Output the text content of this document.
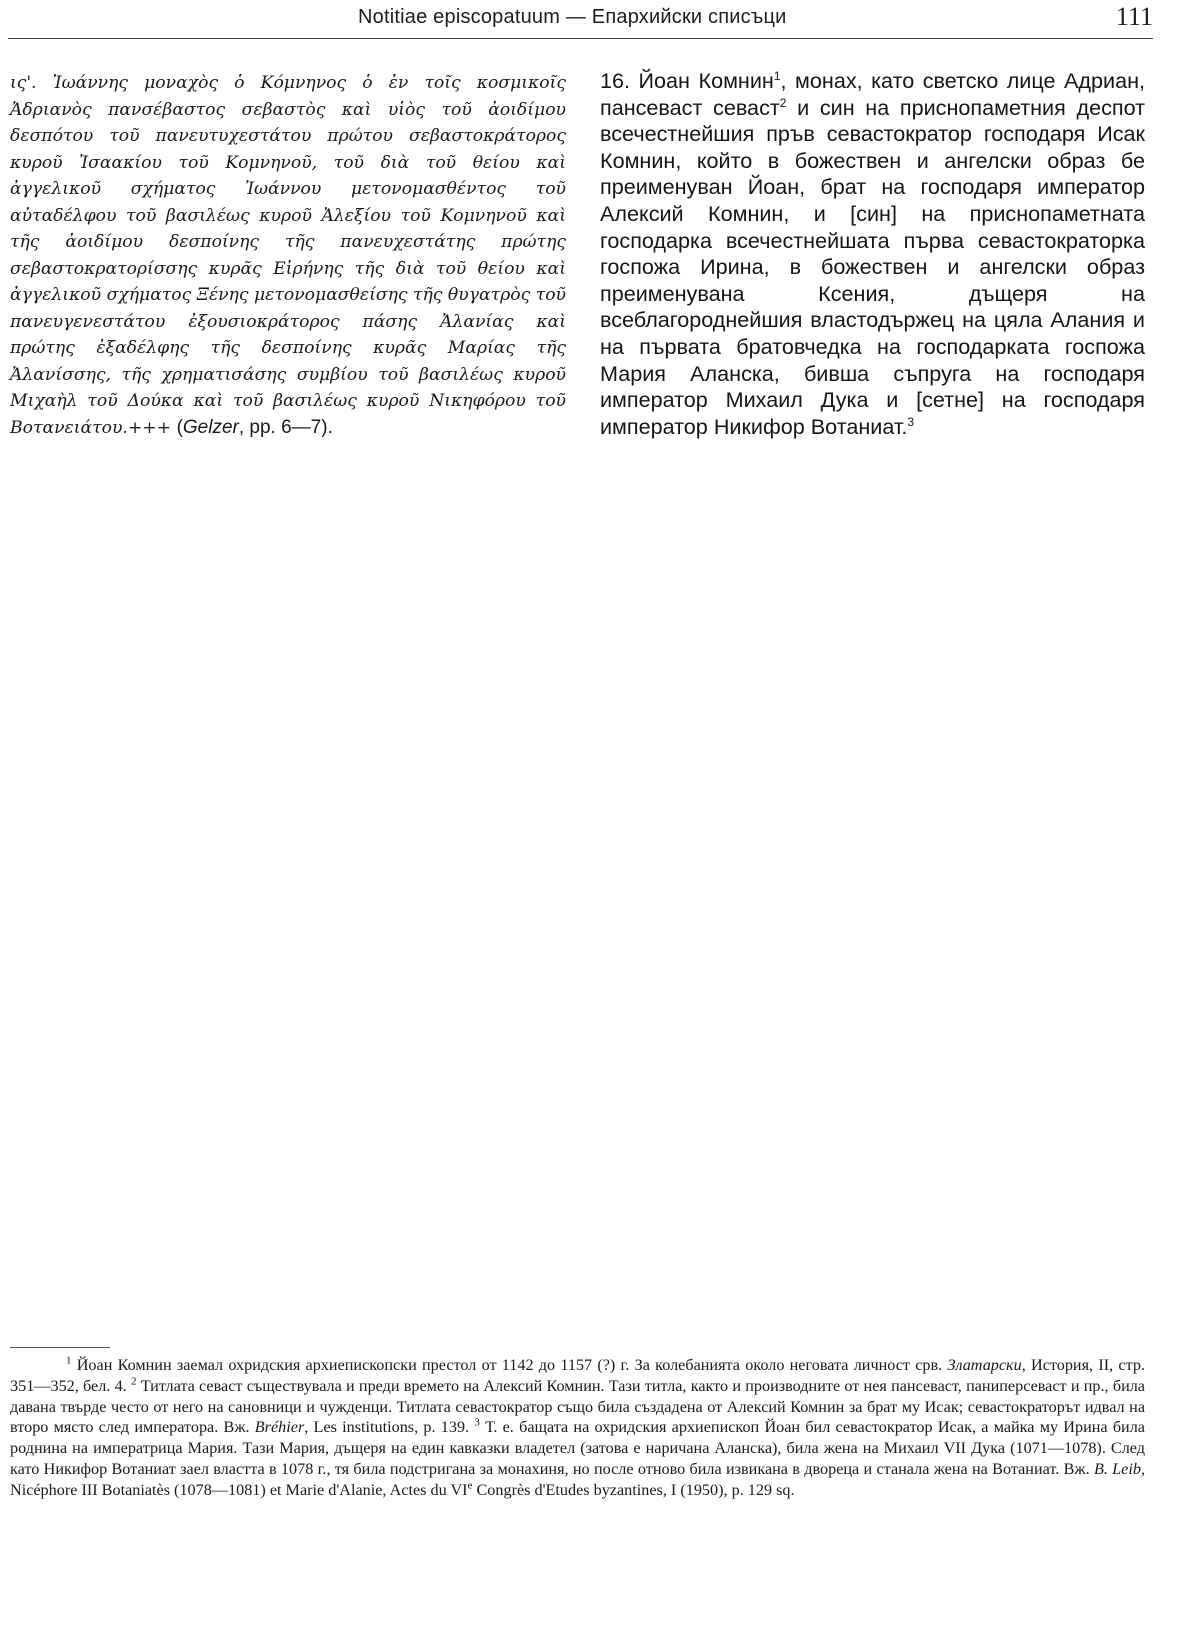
Notitiae episcopatuum — Епархийски списъци	111
ις'. Ἰωάννης μοναχὸς ὁ Κόμνηνος ὁ ἐν τοῖς κοσμικοῖς Ἀδριανὸς πανσέβαστος σεβαστὸς καὶ υἱὸς τοῦ ἀοιδίμου δεσπότου τοῦ πανευτυχεστάτου πρώτου σεβαστοκράτορος κυροῦ Ἰσαακίου τοῦ Κομνηνοῦ, τοῦ διὰ τοῦ θείου καὶ ἀγγελικοῦ σχήματος Ἰωάννου μετονομασθέντος τοῦ αὐταδέλφου τοῦ βασιλέως κυροῦ Ἀλεξίου τοῦ Κομνηνοῦ καὶ τῆς ἀοιδίμου δεσποίνης τῆς πανευχεστάτης πρώτης σεβαστοκρατορίσσης κυρᾶς Εἰρήνης τῆς διὰ τοῦ θείου καὶ ἀγγελικοῦ σχήματος Ξένης μετονομασθείσης τῆς θυγατρὸς τοῦ πανευγενεστάτου ἐξουσιοκράτορος πάσης Ἀλανίας καὶ πρώτης ἐξαδέλφης τῆς δεσποίνης κυρᾶς Μαρίας τῆς Ἀλανίσσης, τῆς χρηματισάσης συμβίου τοῦ βασιλέως κυροῦ Μιχαὴλ τοῦ Δούκα καὶ τοῦ βασιλέως κυροῦ Νικηφόρου τοῦ Βοτανειάτου.+++ (Gelzer, pp. 6—7).
16. Йоан Комнин$^1$, монах, като светско лице Адриан, пансеваст севаст$^2$ и син на приснопаметния деспот всечестнейшия пръв севастократор господаря Исак Комнин, който в божествен и ангелски образ бе преименуван Йоан, брат на господаря император Алексий Комнин, и [син] на приснопаметната господарка всечестнейшата първа севастократорка госпожа Ирина, в божествен и ангелски образ преименувана Ксения, дъщеря на всеблагороднейшия властодържец на цяла Алания и на първата братовчедка на господарката госпожа Мария Аланска, бивша съпруга на господаря император Михаил Дука и [сетне] на господаря император Никифор Вотаниат.$^3$

$^1$ Йоан Комнин заемал охридския архиепископски престол от 1142 до 1157 (?) г. За колебанията около неговата личност срв. Златарски, История, II, стр. 351—352, бел. 4. $^2$ Титлата севаст съществувала и преди времето на Алексий Комнин. Тази титла, както и производните от нея пансеваст, паниперсеваст и пр., била давана твърде често от него на сановници и чужденци. Титлата севастократор също била създадена от Алексий Комнин за брат му Исак; севастократорът идвал на второ място след императора. Вж. Bréhier, Les institutions, p. 139. $^3$ Т. е. бащата на охридския архиепископ Йоан бил севастократор Исак, а майка му Ирина била роднина на императрица Мария. Тази Мария, дъщеря на един кавказки владетел (затова е наричана Аланска), била жена на Михаил VII Дука (1071—1078). След като Никифор Вотаниат заел властта в 1078 г., тя била подстригана за монахиня, но после отново била извикана в двореца и станала жена на Вотаниат. Вж. B. Leib, Nicéphore III Botaniatès (1078—1081) et Marie d'Alanie, Actes du VIe Congrès d'Etudes byzantines, I (1950), p. 129 sq.
